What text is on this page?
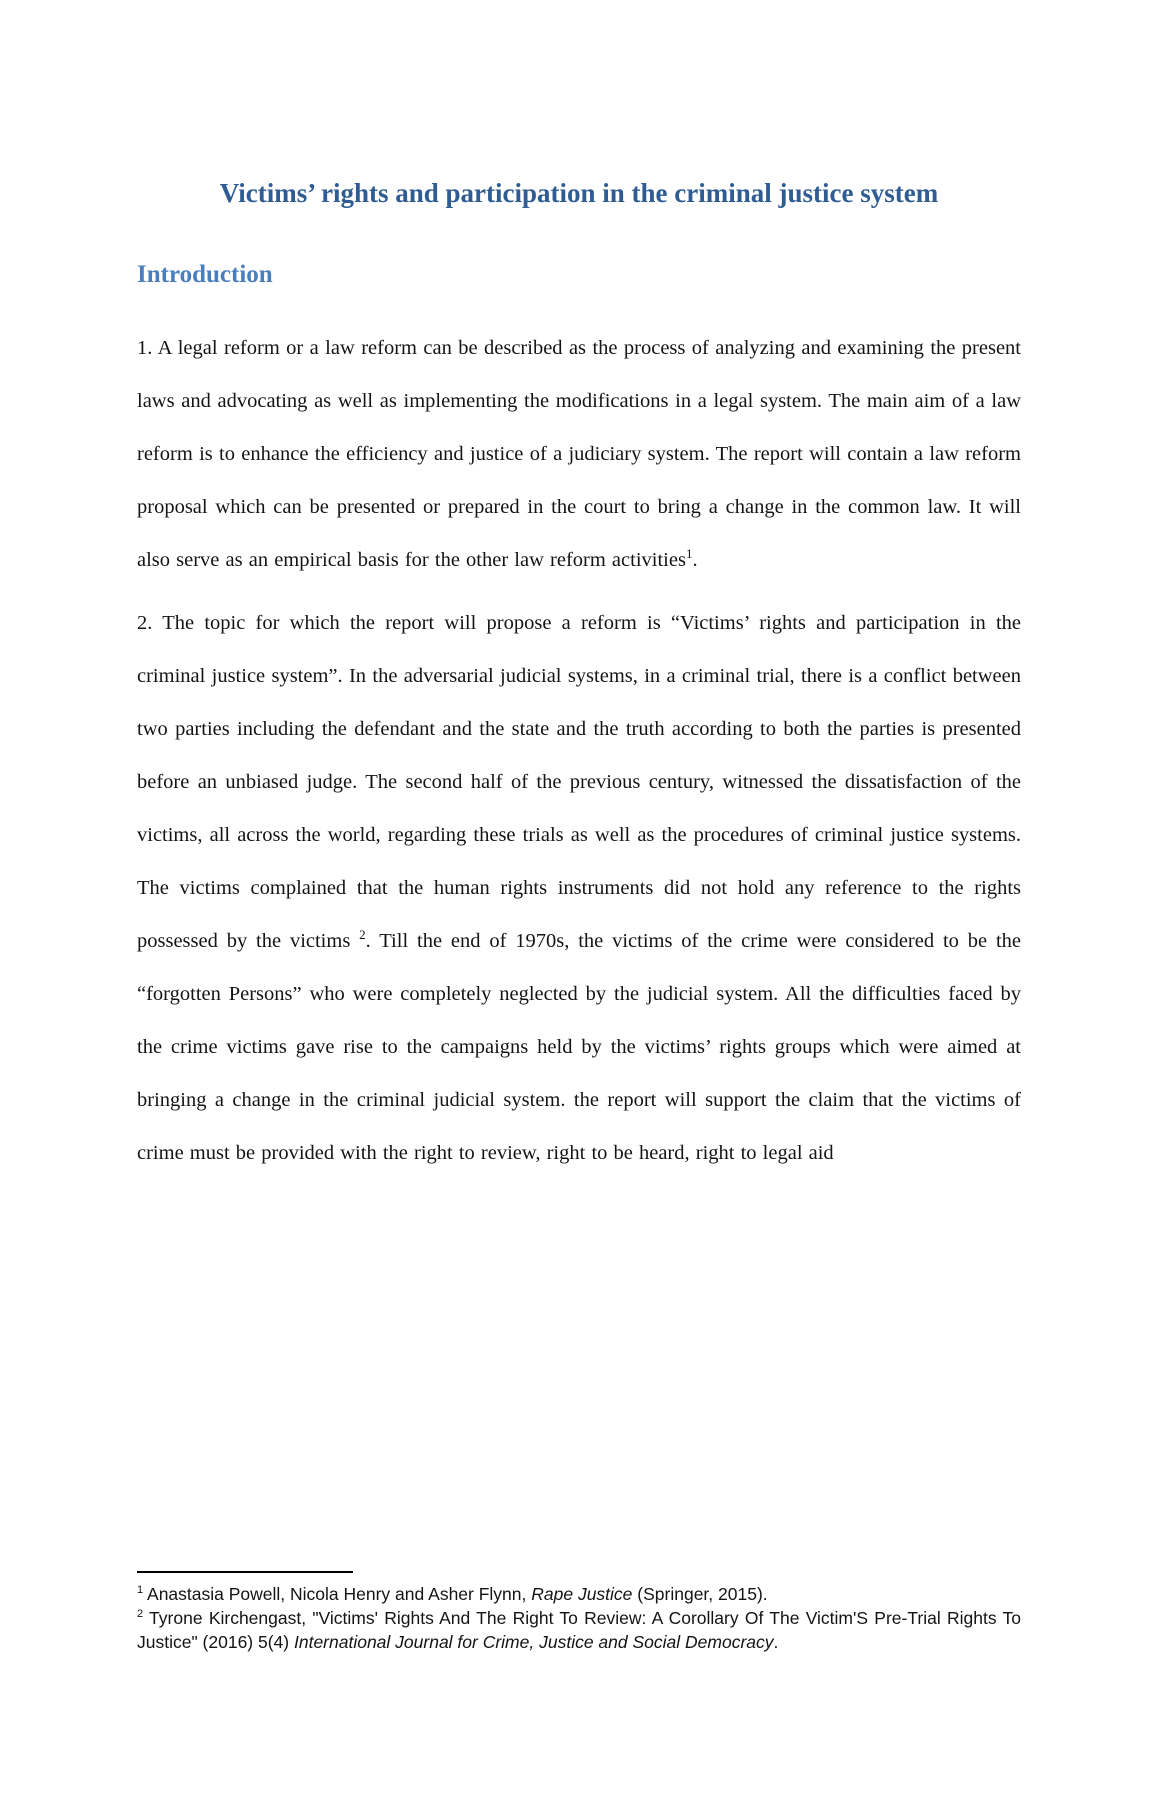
Victims’ rights and participation in the criminal justice system
Introduction

1. A legal reform or a law reform can be described as the process of analyzing and examining the present laws and advocating as well as implementing the modifications in a legal system. The main aim of a law reform is to enhance the efficiency and justice of a judiciary system. The report will contain a law reform proposal which can be presented or prepared in the court to bring a change in the common law. It will also serve as an empirical basis for the other law reform activities$^1$.

2. The topic for which the report will propose a reform is “Victims’ rights and participation in the criminal justice system”. In the adversarial judicial systems, in a criminal trial, there is a conflict between two parties including the defendant and the state and the truth according to both the parties is presented before an unbiased judge. The second half of the previous century, witnessed the dissatisfaction of the victims, all across the world, regarding these trials as well as the procedures of criminal justice systems. The victims complained that the human rights instruments did not hold any reference to the rights possessed by the victims $^2$. Till the end of 1970s, the victims of the crime were considered to be the “forgotten Persons” who were completely neglected by the judicial system. All the difficulties faced by the crime victims gave rise to the campaigns held by the victims’ rights groups which were aimed at bringing a change in the criminal judicial system. the report will support the claim that the victims of crime must be provided with the right to review, right to be heard, right to legal aid

$^1$ Anastasia Powell, Nicola Henry and Asher Flynn, Rape Justice (Springer, 2015).

$^2$ Tyrone Kirchengast, "Victims' Rights And The Right To Review: A Corollary Of The Victim'S Pre-Trial Rights To Justice" (2016) 5(4) International Journal for Crime, Justice and Social Democracy.
